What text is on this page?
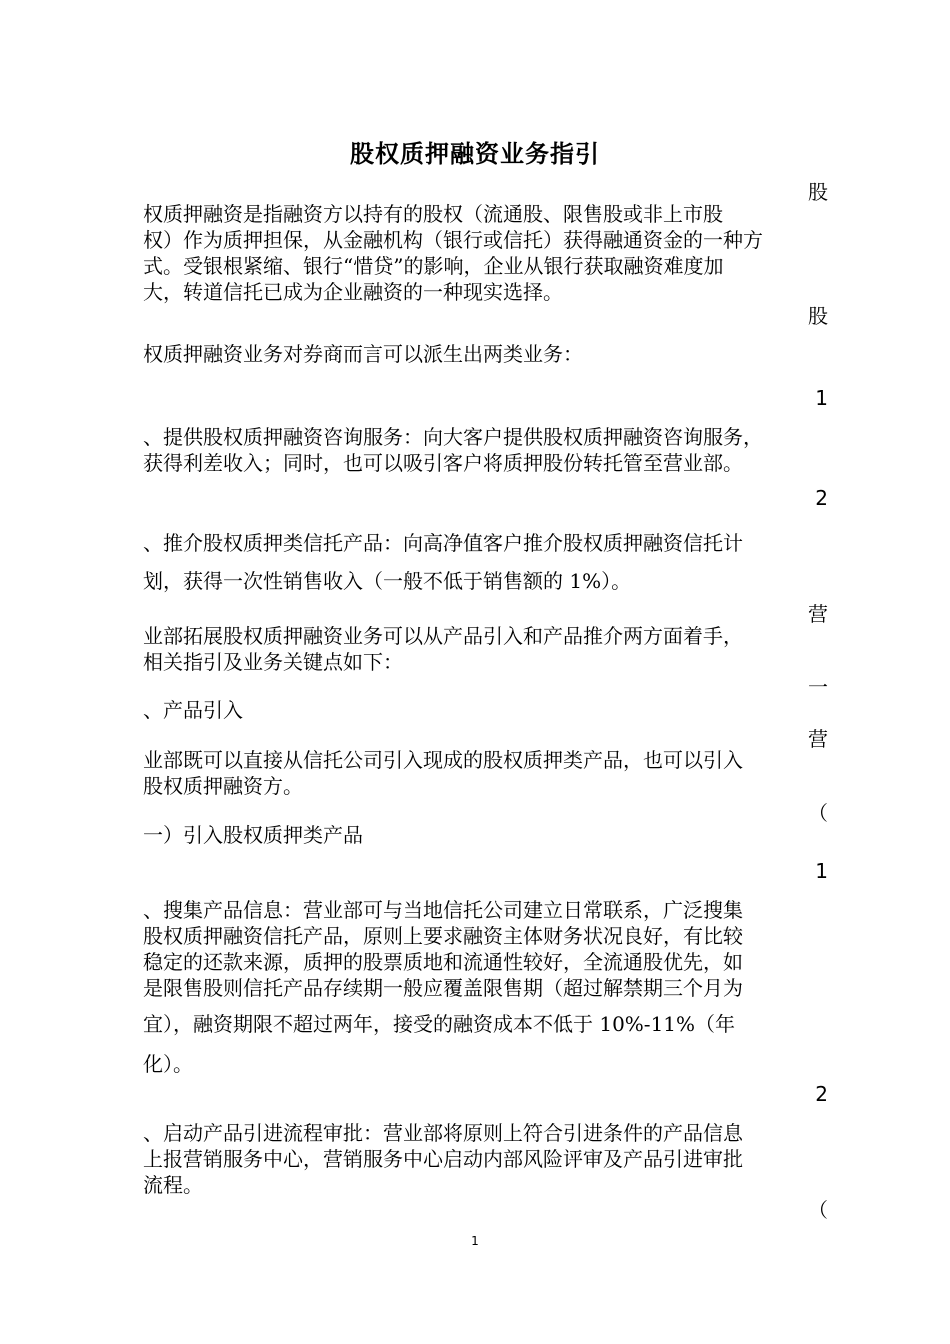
股权质押融资业务指引
股
权质押融资是指融资方以持有的股权（流通股、限售股或非上市股
权）作为质押担保，从金融机构（银行或信托）获得融通资金的一种方
式。受银根紧缩、银行“惜贷”的影响，企业从银行获取融资难度加
大，转道信托已成为企业融资的一种现实选择。
股
权质押融资业务对券商而言可以派生出两类业务：
1
、提供股权质押融资咨询服务：向大客户提供股权质押融资咨询服务，
获得利差收入；同时，也可以吸引客户将质押股份转托管至营业部。
2
、推介股权质押类信托产品：向高净值客户推介股权质押融资信托计
划，获得一次性销售收入（一般不低于销售额的 1%）。
营
业部拓展股权质押融资业务可以从产品引入和产品推介两方面着手，
相关指引及业务关键点如下：
一
、产品引入
营
业部既可以直接从信托公司引入现成的股权质押类产品，也可以引入
股权质押融资方。
（
一）引入股权质押类产品
1
、搜集产品信息：营业部可与当地信托公司建立日常联系，广泛搜集
股权质押融资信托产品，原则上要求融资主体财务状况良好，有比较
稳定的还款来源，质押的股票质地和流通性较好，全流通股优先，如
是限售股则信托产品存续期一般应覆盖限售期（超过解禁期三个月为
宜），融资期限不超过两年，接受的融资成本不低于 10%-11%（年
化）。
2
、启动产品引进流程审批：营业部将原则上符合引进条件的产品信息
上报营销服务中心，营销服务中心启动内部风险评审及产品引进审批
流程。
（
1
